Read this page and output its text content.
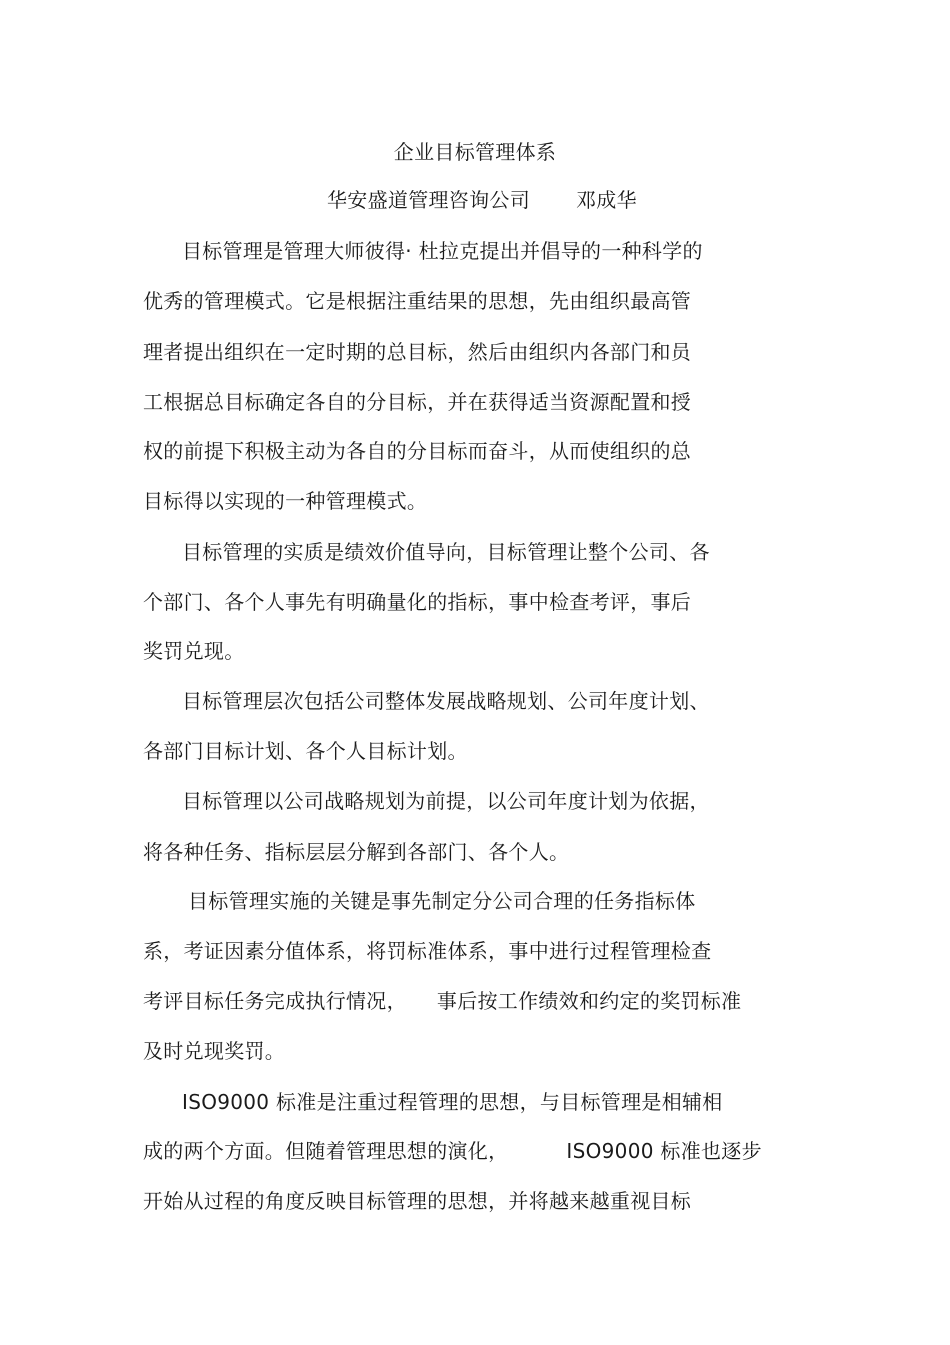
企业目标管理体系
华安盛道管理咨询公司 邓成华
目标管理是管理大师彼得· 杜拉克提出并倡导的一种科学的
优秀的管理模式。它是根据注重结果的思想，先由组织最高管
理者提出组织在一定时期的总目标，然后由组织内各部门和员
工根据总目标确定各自的分目标，并在获得适当资源配置和授
权的前提下积极主动为各自的分目标而奋斗，从而使组织的总
目标得以实现的一种管理模式。
目标管理的实质是绩效价值导向，目标管理让整个公司、各
个部门、各个人事先有明确量化的指标，事中检查考评，事后
奖罚兑现。
目标管理层次包括公司整体发展战略规划、公司年度计划、
各部门目标计划、各个人目标计划。
目标管理以公司战略规划为前提，以公司年度计划为依据，
将各种任务、指标层层分解到各部门、各个人。
目标管理实施的关键是事先制定分公司合理的任务指标体
系，考证因素分值体系，将罚标准体系，事中进行过程管理检查
考评目标任务完成执行情况， 事后按工作绩效和约定的奖罚标准
及时兑现奖罚。
ISO9000 标准是注重过程管理的思想，与目标管理是相辅相
成的两个方面。但随着管理思想的演化，	ISO9000 标准也逐步
开始从过程的角度反映目标管理的思想，并将越来越重视目标
